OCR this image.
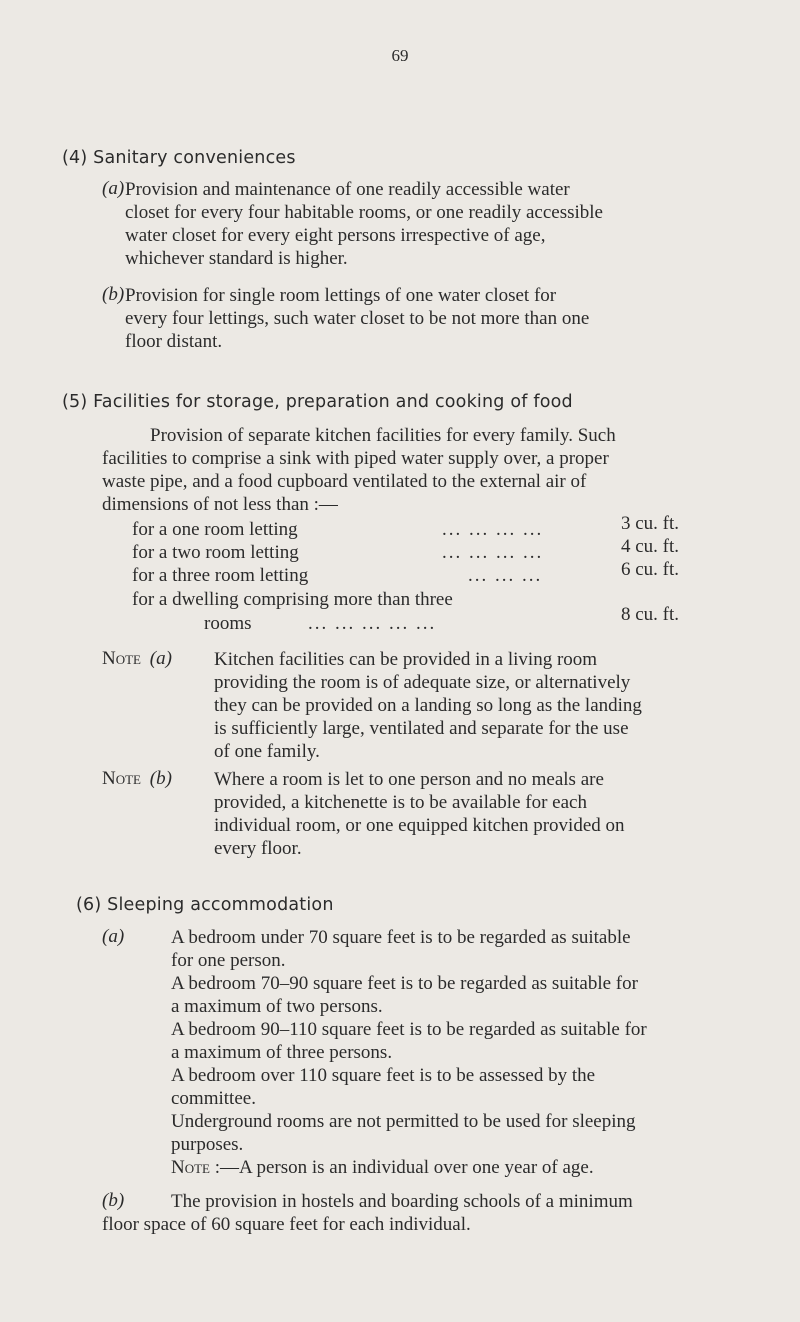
69
(4) Sanitary conveniences
(a) Provision and maintenance of one readily accessible water
closet for every four habitable rooms, or one readily accessible
water closet for every eight persons irrespective of age,
whichever standard is higher.
(b) Provision for single room lettings of one water closet for
every four lettings, such water closet to be not more than one
floor distant.
(5) Facilities for storage, preparation and cooking of food
Provision of separate kitchen facilities for every family. Such
facilities to comprise a sink with piped water supply over, a proper
waste pipe, and a food cupboard ventilated to the external air of
dimensions of not less than :—
for a one room letting	... ... ... ...	3 cu. ft.
for a two room letting	... ... ... ...	4 cu. ft.
for a three room letting	... ... ...	6 cu. ft.
for a dwelling comprising more than three
rooms	... ... ... ... ...	8 cu. ft.
Note (a) Kitchen facilities can be provided in a living room
providing the room is of adequate size, or alternatively
they can be provided on a landing so long as the landing
is sufficiently large, ventilated and separate for the use
of one family.
Note (b) Where a room is let to one person and no meals are
provided, a kitchenette is to be available for each
individual room, or one equipped kitchen provided on
every floor.
(6) Sleeping accommodation
(a)	A bedroom under 70 square feet is to be regarded as suitable
for one person.
A bedroom 70–90 square feet is to be regarded as suitable for
a maximum of two persons.
A bedroom 90–110 square feet is to be regarded as suitable for
a maximum of three persons.
A bedroom over 110 square feet is to be assessed by the
committee.
Underground rooms are not permitted to be used for sleeping
purposes.
Note :—A person is an individual over one year of age.
(b)	The provision in hostels and boarding schools of a minimum
floor space of 60 square feet for each individual.
